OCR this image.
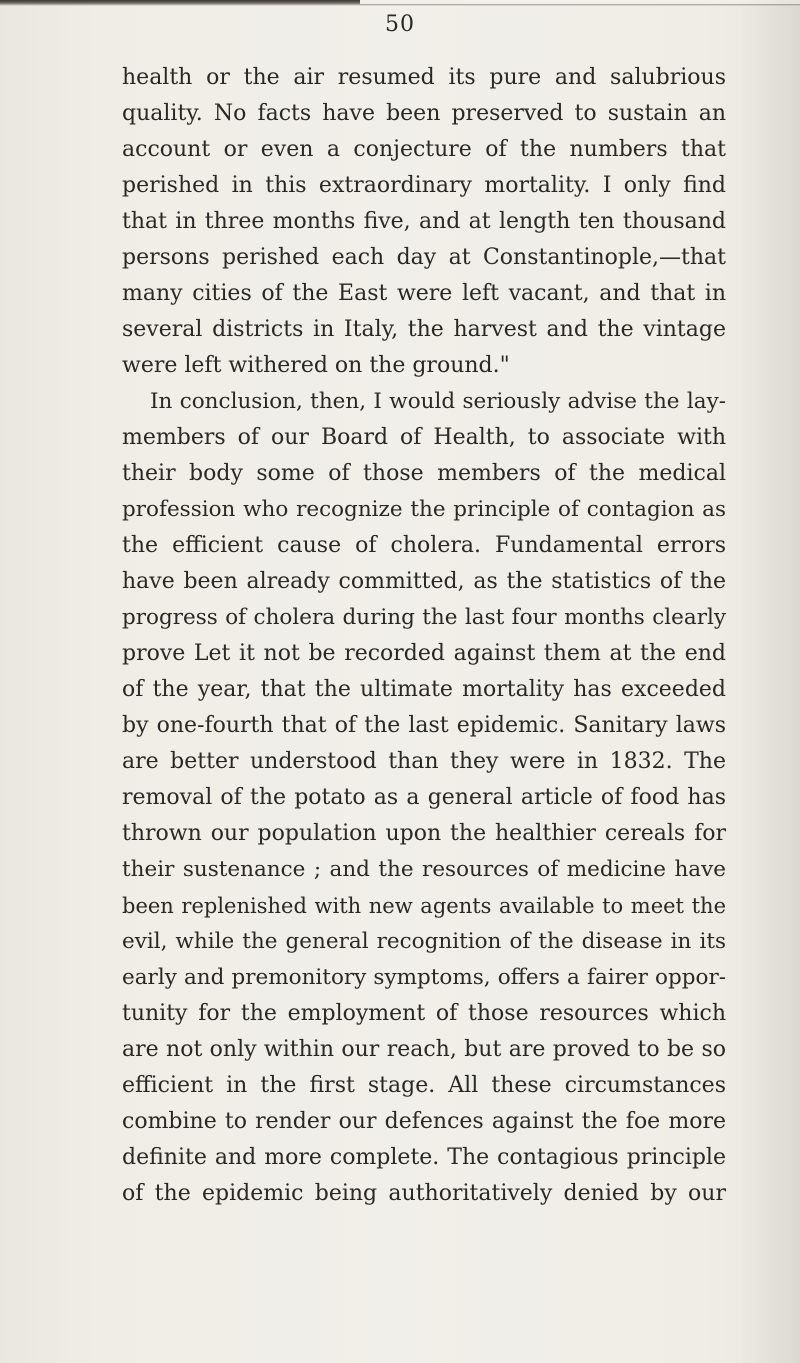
50
health or the air resumed its pure and salubrious
quality. No facts have been preserved to sustain an
account or even a conjecture of the numbers that
perished in this extraordinary mortality. I only find
that in three months five, and at length ten thousand
persons perished each day at Constantinople,—that
many cities of the East were left vacant, and that in
several districts in Italy, the harvest and the vintage
were left withered on the ground."
In conclusion, then, I would seriously advise the lay-
members of our Board of Health, to associate with
their body some of those members of the medical
profession who recognize the principle of contagion as
the efficient cause of cholera. Fundamental errors
have been already committed, as the statistics of the
progress of cholera during the last four months clearly
prove Let it not be recorded against them at the end
of the year, that the ultimate mortality has exceeded
by one-fourth that of the last epidemic. Sanitary laws
are better understood than they were in 1832. The
removal of the potato as a general article of food has
thrown our population upon the healthier cereals for
their sustenance ; and the resources of medicine have
been replenished with new agents available to meet the
evil, while the general recognition of the disease in its
early and premonitory symptoms, offers a fairer oppor-
tunity for the employment of those resources which
are not only within our reach, but are proved to be so
efficient in the first stage. All these circumstances
combine to render our defences against the foe more
definite and more complete. The contagious principle
of the epidemic being authoritatively denied by our
